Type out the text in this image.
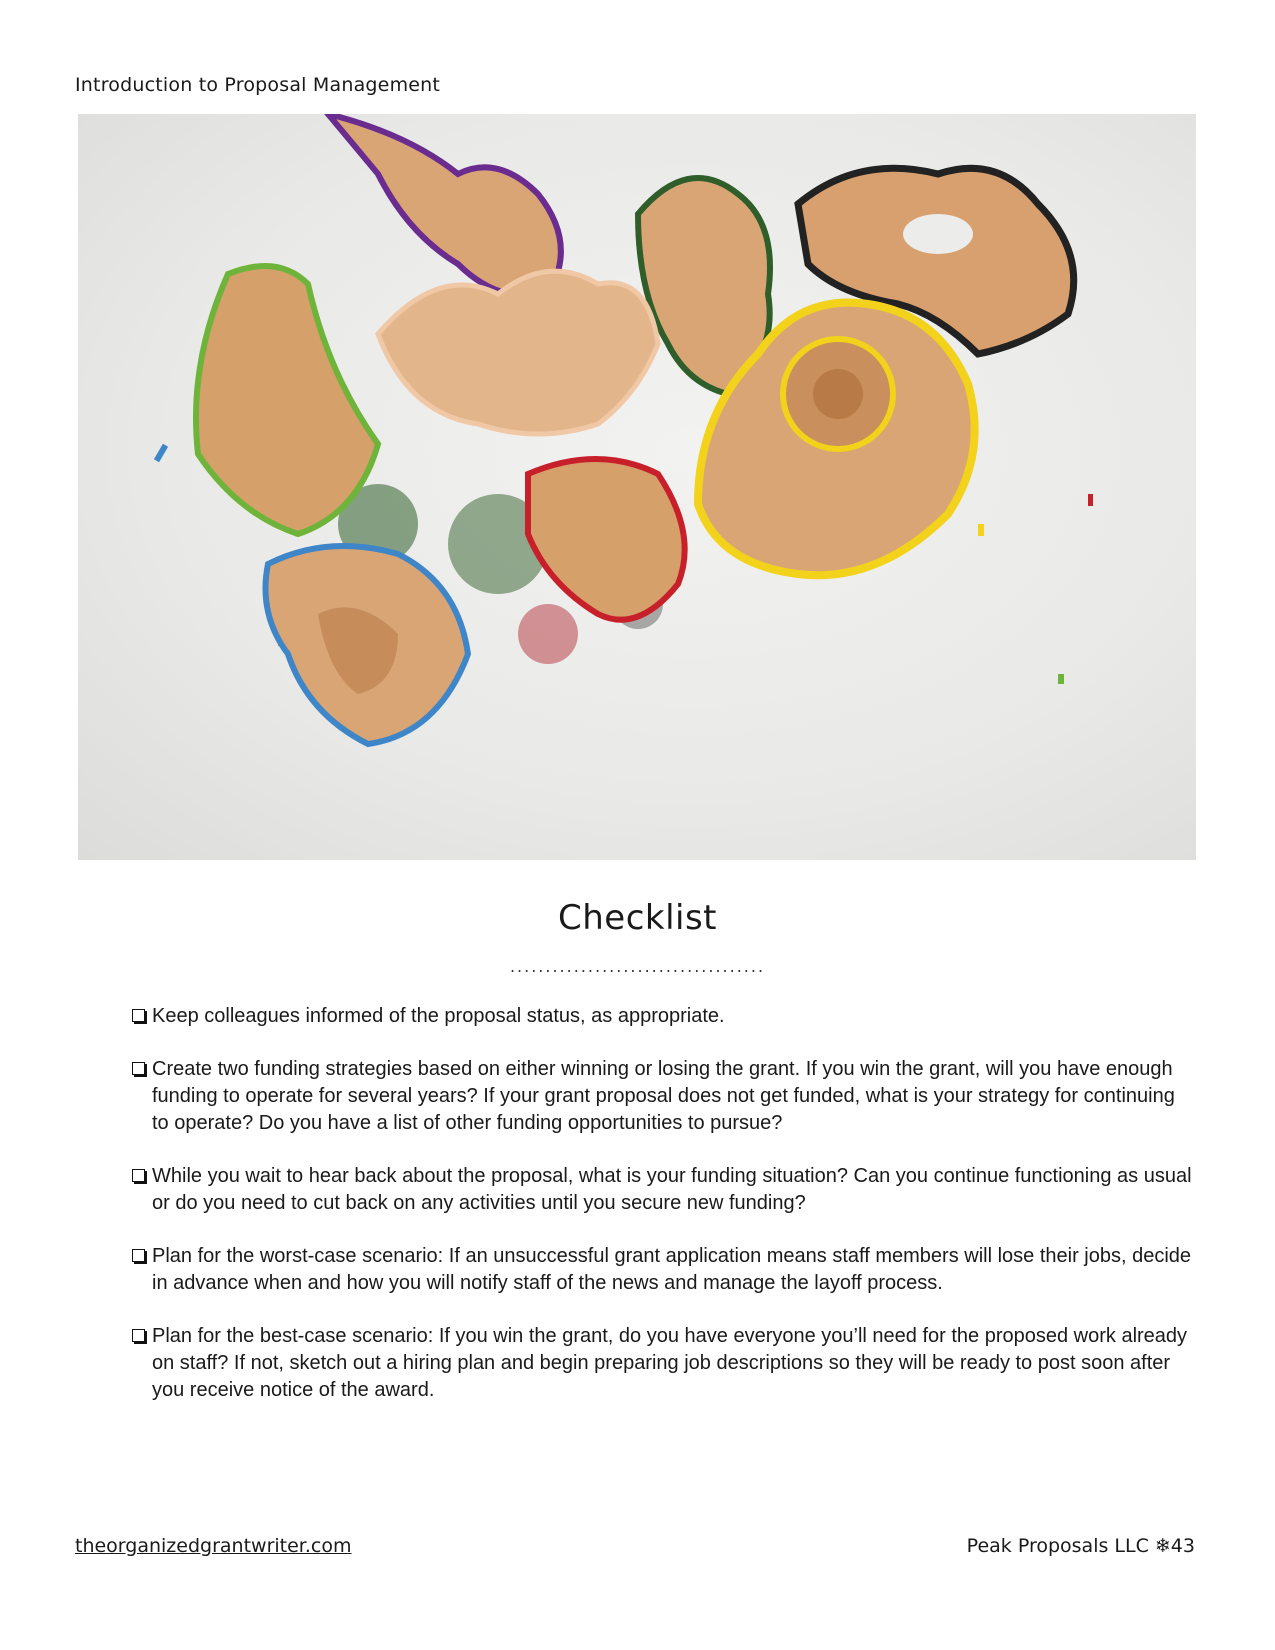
Introduction to Proposal Management
Checklist
....................................
Keep colleagues informed of the proposal status, as appropriate.
Create two funding strategies based on either winning or losing the grant. If you win the grant, will you have enough funding to operate for several years? If your grant proposal does not get funded, what is your strategy for continuing to operate? Do you have a list of other funding opportunities to pursue?
While you wait to hear back about the proposal, what is your funding situation? Can you continue functioning as usual or do you need to cut back on any activities until you secure new funding?
Plan for the worst-case scenario: If an unsuccessful grant application means staff members will lose their jobs, decide in advance when and how you will notify staff of the news and manage the layoff process.
Plan for the best-case scenario: If you win the grant, do you have everyone you’ll need for the proposed work already on staff? If not, sketch out a hiring plan and begin preparing job descriptions so they will be ready to post soon after you receive notice of the award.
theorganizedgrantwriter.com	Peak Proposals LLC ❄43
